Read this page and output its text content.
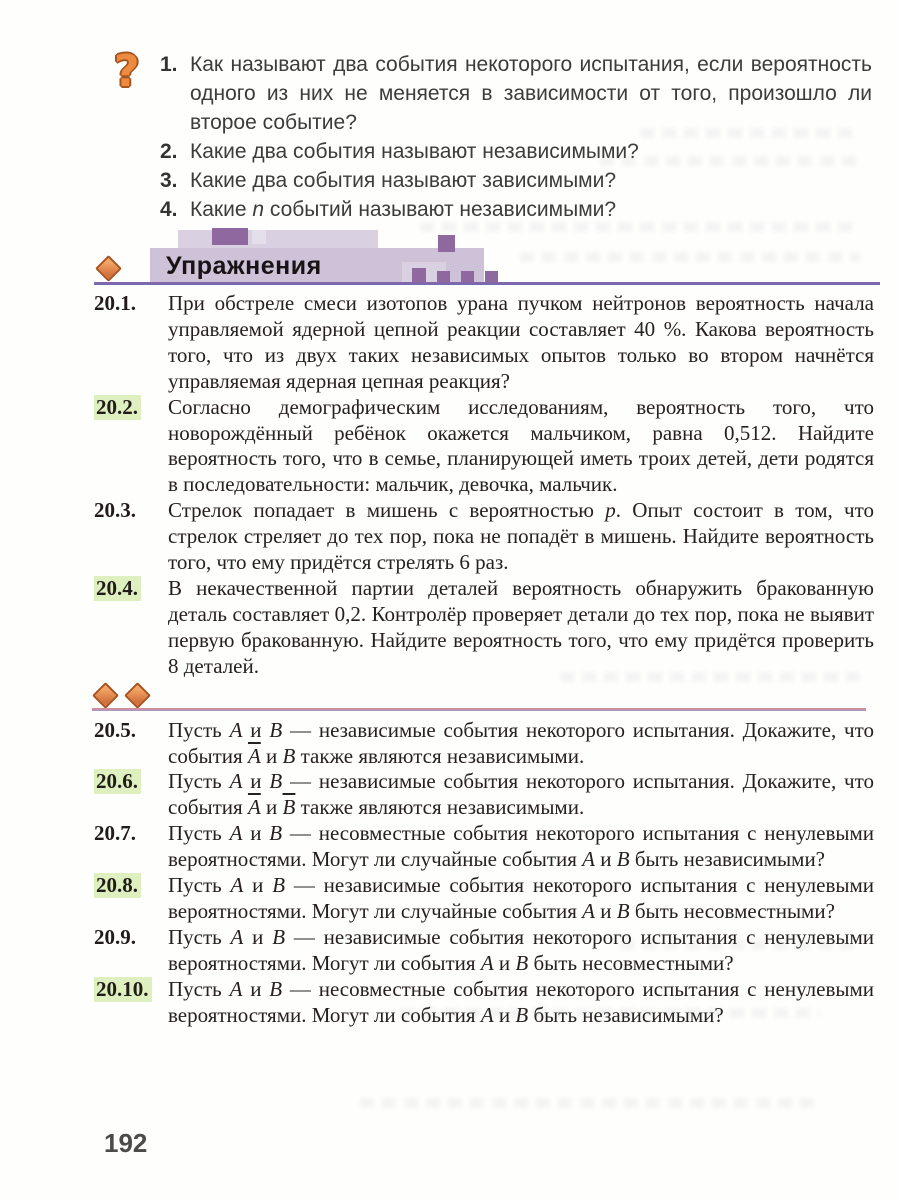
? 1. Как называют два события некоторого испытания, если вероятность одного из них не меняется в зависимости от того, произошло ли второе событие?
2. Какие два события называют независимыми?
3. Какие два события называют зависимыми?
4. Какие n событий называют независимыми?
Упражнения
20.1.	При обстреле смеси изотопов урана пучком нейтронов вероятность начала управляемой ядерной цепной реакции составляет 40 %. Какова вероятность того, что из двух таких независимых опытов только во втором начнётся управляемая ядерная цепная реакция?
20.2.	Согласно демографическим исследованиям, вероятность того, что новорождённый ребёнок окажется мальчиком, равна 0,512. Найдите вероятность того, что в семье, планирующей иметь троих детей, дети родятся в последовательности: мальчик, девочка, мальчик.
20.3.	Стрелок попадает в мишень с вероятностью p. Опыт состоит в том, что стрелок стреляет до тех пор, пока не попадёт в мишень. Найдите вероятность того, что ему придётся стрелять 6 раз.
20.4.	В некачественной партии деталей вероятность обнаружить бракованную деталь составляет 0,2. Контролёр проверяет детали до тех пор, пока не выявит первую бракованную. Найдите вероятность того, что ему придётся проверить 8 деталей.
20.5.	Пусть A и B — независимые события некоторого испытания. Докажите, что события $\overline{A}$ и B также являются независимыми.
20.6.	Пусть A и B — независимые события некоторого испытания. Докажите, что события $\overline{A}$ и $\overline{B}$ также являются независимыми.
20.7.	Пусть A и B — несовместные события некоторого испытания с ненулевыми вероятностями. Могут ли случайные события A и B быть независимыми?
20.8.	Пусть A и B — независимые события некоторого испытания с ненулевыми вероятностями. Могут ли случайные события A и B быть несовместными?
20.9.	Пусть A и B — независимые события некоторого испытания с ненулевыми вероятностями. Могут ли события A и B быть несовместными?
20.10. Пусть A и B — несовместные события некоторого испытания с ненулевыми вероятностями. Могут ли события A и B быть независимыми?
192
